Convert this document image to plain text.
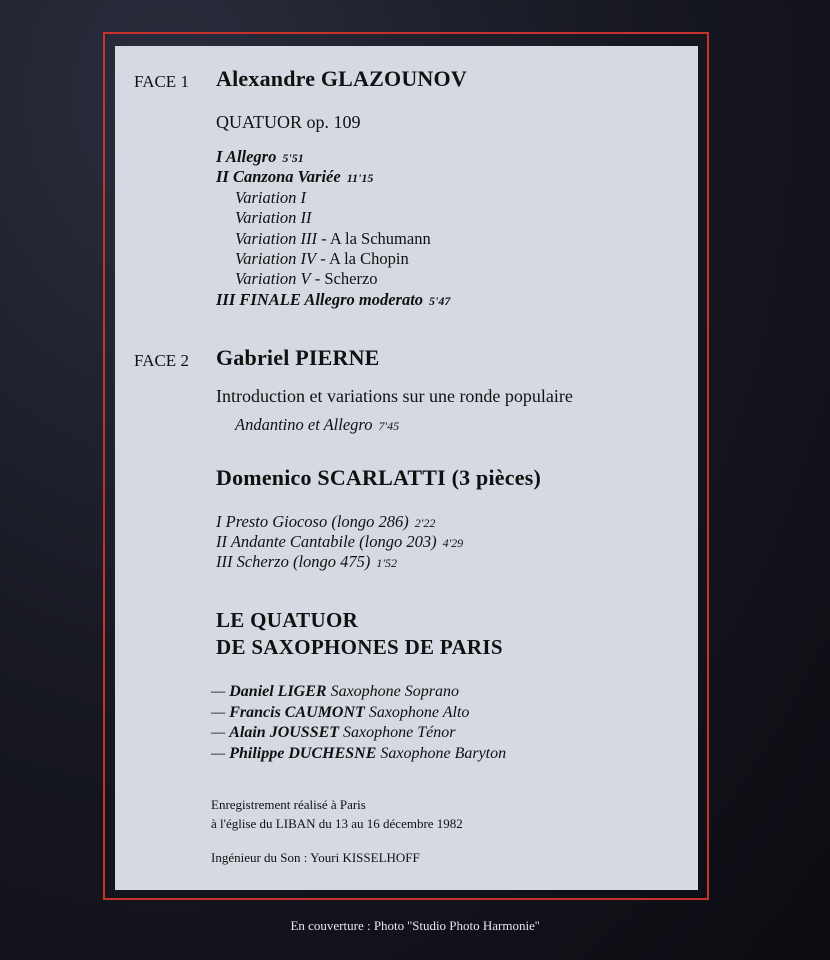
FACE 1 Alexandre GLAZOUNOV
QUATUOR op. 109
I Allegro 5'51
II Canzona Variée 11'15
Variation I
Variation II
Variation III - A la Schumann
Variation IV - A la Chopin
Variation V - Scherzo
III FINALE Allegro moderato 5'47
FACE 2 Gabriel PIERNE
Introduction et variations sur une ronde populaire
Andantino et Allegro 7'45
Domenico SCARLATTI (3 pièces)
I Presto Giocoso (longo 286) 2'22
II Andante Cantabile (longo 203) 4'29
III Scherzo (longo 475) 1'52
LE QUATUOR
DE SAXOPHONES DE PARIS
— Daniel LIGER Saxophone Soprano
— Francis CAUMONT Saxophone Alto
— Alain JOUSSET Saxophone Ténor
— Philippe DUCHESNE Saxophone Baryton
Enregistrement réalisé à Paris
à l'église du LIBAN du 13 au 16 décembre 1982
Ingénieur du Son : Youri KISSELHOFF
En couverture : Photo ''Studio Photo Harmonie''
